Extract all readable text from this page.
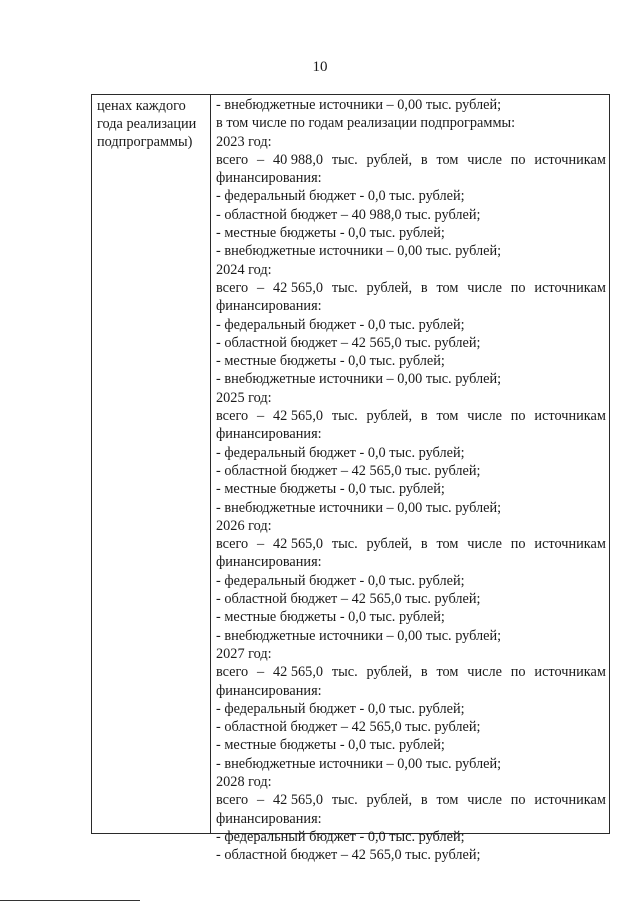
10
ценах каждого
года реализации
подпрограммы)
- внебюджетные источники – 0,00 тыс. рублей;
в том числе по годам реализации подпрограммы:
2023 год:
всего – 40 988,0 тыс. рублей, в том числе по источникам
финансирования:
- федеральный бюджет - 0,0 тыс. рублей;
- областной бюджет – 40 988,0 тыс. рублей;
- местные бюджеты - 0,0 тыс. рублей;
- внебюджетные источники – 0,00 тыс. рублей;
2024 год:
всего – 42 565,0 тыс. рублей, в том числе по источникам
финансирования:
- федеральный бюджет - 0,0 тыс. рублей;
- областной бюджет – 42 565,0 тыс. рублей;
- местные бюджеты - 0,0 тыс. рублей;
- внебюджетные источники – 0,00 тыс. рублей;
2025 год:
всего – 42 565,0 тыс. рублей, в том числе по источникам
финансирования:
- федеральный бюджет - 0,0 тыс. рублей;
- областной бюджет – 42 565,0 тыс. рублей;
- местные бюджеты - 0,0 тыс. рублей;
- внебюджетные источники – 0,00 тыс. рублей;
2026 год:
всего – 42 565,0 тыс. рублей, в том числе по источникам
финансирования:
- федеральный бюджет - 0,0 тыс. рублей;
- областной бюджет – 42 565,0 тыс. рублей;
- местные бюджеты - 0,0 тыс. рублей;
- внебюджетные источники – 0,00 тыс. рублей;
2027 год:
всего – 42 565,0 тыс. рублей, в том числе по источникам
финансирования:
- федеральный бюджет - 0,0 тыс. рублей;
- областной бюджет – 42 565,0 тыс. рублей;
- местные бюджеты - 0,0 тыс. рублей;
- внебюджетные источники – 0,00 тыс. рублей;
2028 год:
всего – 42 565,0 тыс. рублей, в том числе по источникам
финансирования:
- федеральный бюджет - 0,0 тыс. рублей;
- областной бюджет – 42 565,0 тыс. рублей;
